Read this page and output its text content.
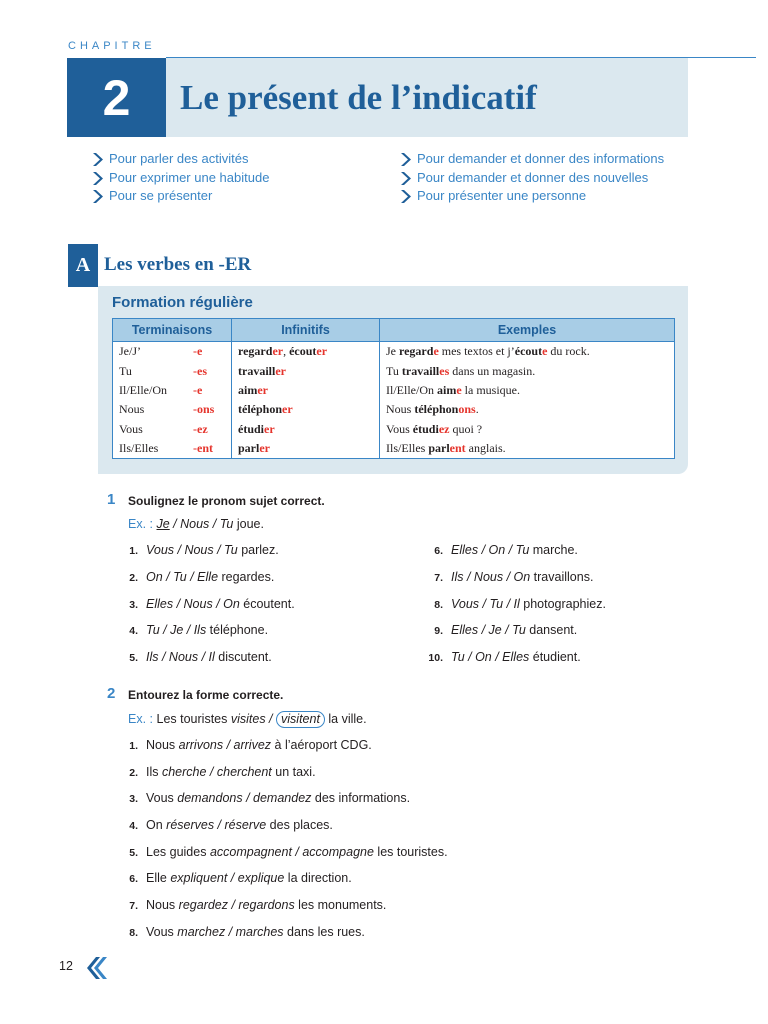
CHAPITRE
2	Le présent de l’indicatif
Pour parler des activités
Pour exprimer une habitude
Pour se présenter
Pour demander et donner des informations
Pour demander et donner des nouvelles
Pour présenter une personne
A Les verbes en -ER
Formation régulière
Terminaisons	Infinitifs	Exemples
Je/J’ -e	regarder, écouter	Je regarde mes textos et j’écoute du rock.
Tu -es	travailler	Tu travailles dans un magasin.
Il/Elle/On -e	aimer	Il/Elle/On aime la musique.
Nous -ons	téléphoner	Nous téléphonons.
Vous -ez	étudier	Vous étudiez quoi ?
Ils/Elles -ent	parler	Ils/Elles parlent anglais.
1 Soulignez le pronom sujet correct.
Ex. : Je / Nous / Tu joue.
1. Vous / Nous / Tu parlez.
2. On / Tu / Elle regardes.
3. Elles / Nous / On écoutent.
4. Tu / Je / Ils téléphone.
5. Ils / Nous / Il discutent.
6. Elles / On / Tu marche.
7. Ils / Nous / On travaillons.
8. Vous / Tu / Il photographiez.
9. Elles / Je / Tu dansent.
10. Tu / On / Elles étudient.
2 Entourez la forme correcte.
Ex. : Les touristes visites / visitent la ville.
1. Nous arrivons / arrivez à l’aéroport CDG.
2. Ils cherche / cherchent un taxi.
3. Vous demandons / demandez des informations.
4. On réserves / réserve des places.
5. Les guides accompagnent / accompagne les touristes.
6. Elle expliquent / explique la direction.
7. Nous regardez / regardons les monuments.
8. Vous marchez / marches dans les rues.
12
